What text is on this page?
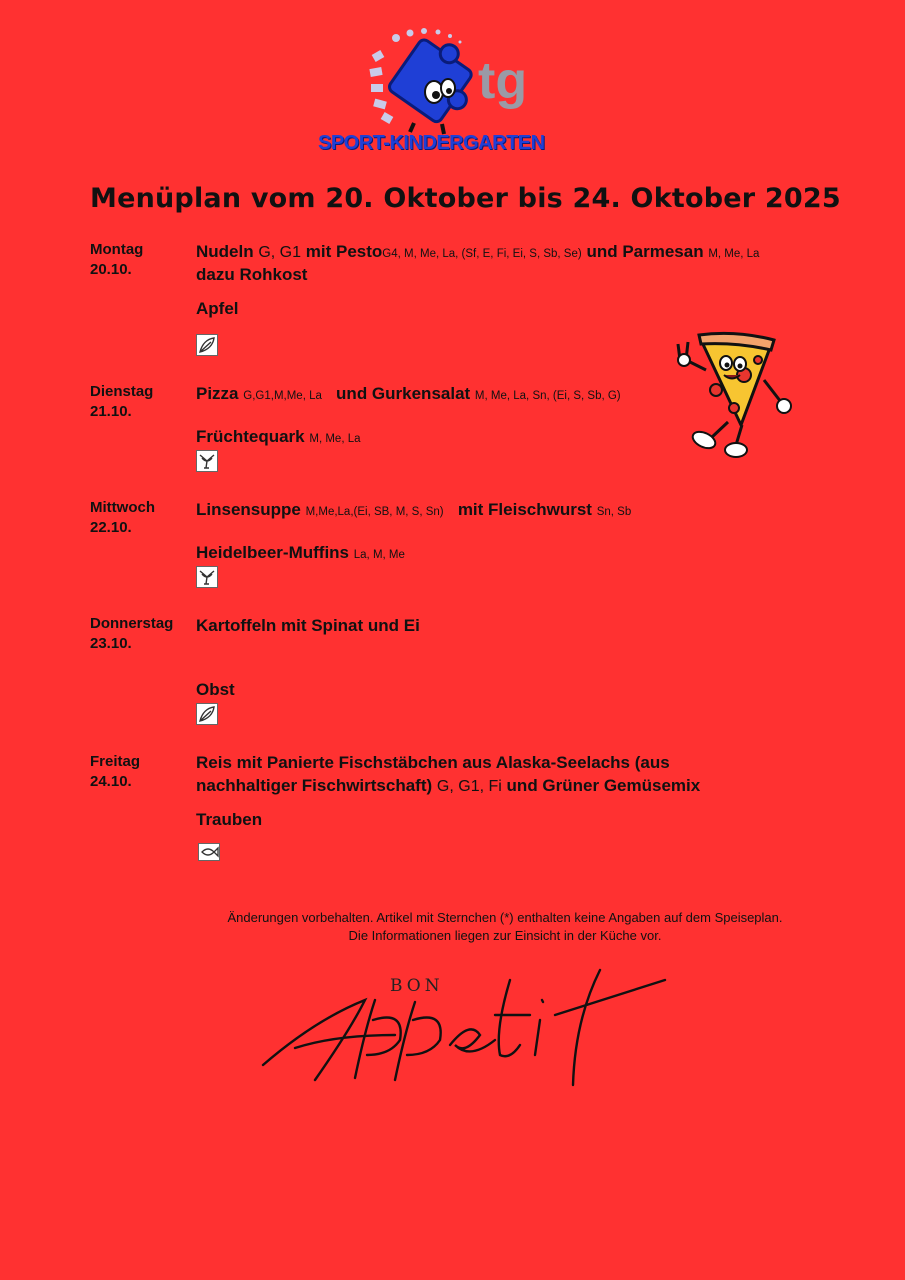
tg
SPORT-KINDERGARTEN
Menüplan vom 20. Oktober bis 24. Oktober 2025
Montag
20.10.
Nudeln G, G1 mit PestoG4, M, Me, La, (Sf, E, Fi, Ei, S, Sb, Se) und Parmesan M, Me, La
dazu Rohkost
Apfel
Dienstag
21.10.
Pizza G,G1,M,Me, La und Gurkensalat M, Me, La, Sn, (Ei, S, Sb, G)
Früchtequark M, Me, La
Mittwoch
22.10.
Linsensuppe M,Me,La,(Ei, SB, M, S, Sn) mit Fleischwurst Sn, Sb
Heidelbeer-Muffins La, M, Me
Donnerstag
23.10.
Kartoffeln mit Spinat und Ei
Obst
Freitag
24.10.
Reis mit Panierte Fischstäbchen aus Alaska-Seelachs (aus
nachhaltiger Fischwirtschaft) G, G1, Fi und Grüner Gemüsemix
Trauben
Änderungen vorbehalten. Artikel mit Sternchen (*) enthalten keine Angaben auf dem Speiseplan.
Die Informationen liegen zur Einsicht in der Küche vor.
BON
